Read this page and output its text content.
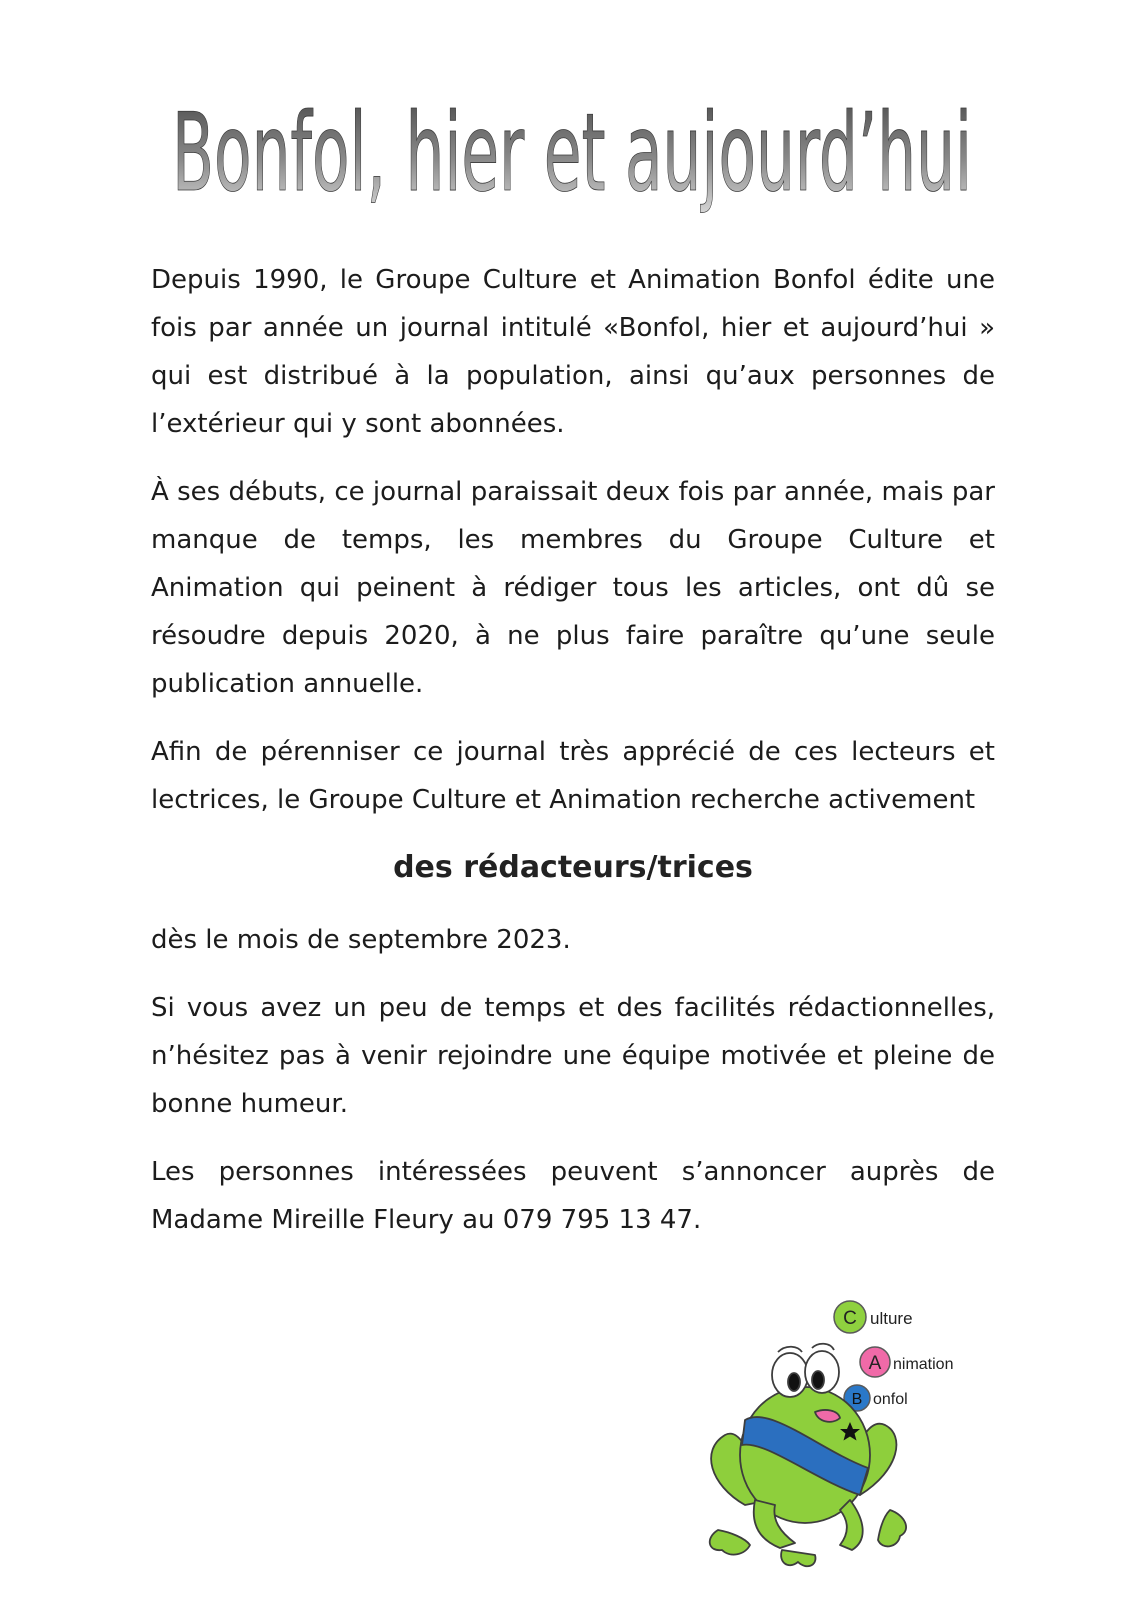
Bonfol, hier et aujourd’hui

Depuis 1990, le Groupe Culture et Animation Bonfol édite une fois par année un journal intitulé «Bonfol, hier et aujourd’hui » qui est distribué à la population, ainsi qu’aux personnes de l’extérieur qui y sont abonnées.

À ses débuts, ce journal paraissait deux fois par année, mais par manque de temps, les membres du Groupe Culture et Animation qui peinent à rédiger tous les articles, ont dû se résoudre depuis 2020, à ne plus faire paraître qu’une seule publication annuelle.

Afin de pérenniser ce journal très apprécié de ces lecteurs et lectrices, le Groupe Culture et Animation recherche activement

des rédacteurs/trices

dès le mois de septembre 2023.

Si vous avez un peu de temps et des facilités rédactionnelles, n’hésitez pas à venir rejoindre une équipe motivée et pleine de bonne humeur.

Les personnes intéressées peuvent s’annoncer auprès de Madame Mireille Fleury au 079 795 13 47.

C ulture
A nimation
B onfol
